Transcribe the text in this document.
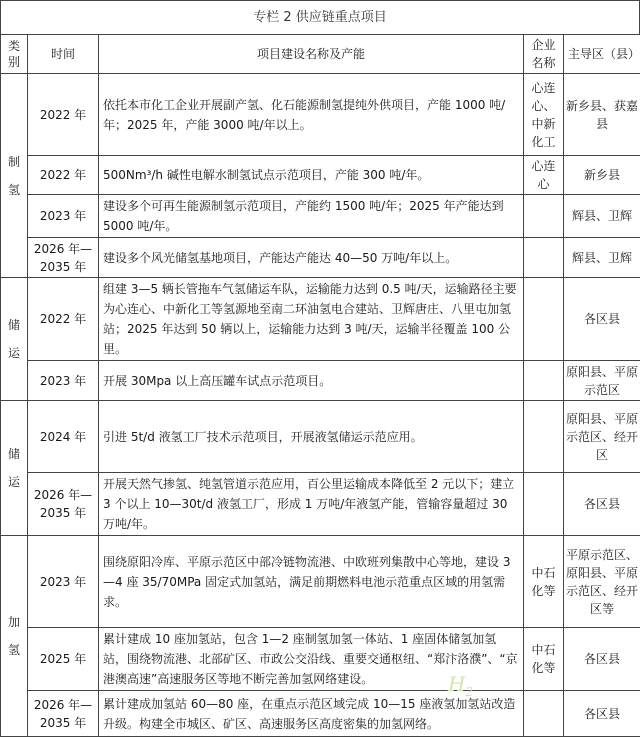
专栏 2 供应链重点项目
类别	时间	项目建设名称及产能	企业名称	主导区（县）
制氢	2022 年	依托本市化工企业开展副产氢、化石能源制氢提纯外供项目，产能 1000 吨/年；2025 年，产能 3000 吨/年以上。	心连心、中新化工	新乡县、获嘉县
	2022 年	500Nm³/h 碱性电解水制氢试点示范项目，产能 300 吨/年。	心连心	新乡县
	2023 年	建设多个可再生能源制氢示范项目，产能约 1500 吨/年；2025 年产能达到 5000 吨/年。		辉县、卫辉
	2026 年—2035 年	建设多个风光储氢基地项目，产能达产能达 40—50 万吨/年以上。		辉县、卫辉
储运	2022 年	组建 3—5 辆长管拖车气氢储运车队，运输能力达到 0.5 吨/天，运输路径主要为心连心、中新化工等氢源地至南二环油氢电合建站、卫辉唐庄、八里屯加氢站；2025 年达到 50 辆以上，运输能力达到 3 吨/天，运输半径覆盖 100 公里。		各区县
	2023 年	开展 30Mpa 以上高压罐车试点示范项目。		原阳县、平原示范区
储运	2024 年	引进 5t/d 液氢工厂技术示范项目，开展液氢储运示范应用。		原阳县、平原示范区、经开区
	2026 年—2035 年	开展天然气掺氢、纯氢管道示范应用，百公里运输成本降低至 2 元以下；建立 3 个以上 10—30t/d 液氢工厂，形成 1 万吨/年液氢产能，管输容量超过 30 万吨/年。		各区县
加氢	2023 年	围绕原阳冷库、平原示范区中部冷链物流港、中欧班列集散中心等地，建设 3—4 座 35/70MPa 固定式加氢站，满足前期燃料电池示范重点区域的用氢需求。	中石化等	平原示范区、原阳县、平原示范区、经开区等
	2025 年	累计建成 10 座加氢站，包含 1—2 座制氢加氢一体站、1 座固体储氢加氢站，围绕物流港、北部矿区、市政公交沿线、重要交通枢纽、“郑汴洛濮”、“京港澳高速”高速服务区等地不断完善加氢网络建设。	中石化等	各区县
	2026 年—2035 年	累计建成加氢站 60—80 座，在重点示范区域完成 10—15 座液氢加氢站改造升级。构建全市城区、矿区、高速服务区高度密集的加氢网络。		各区县
$H_2$
